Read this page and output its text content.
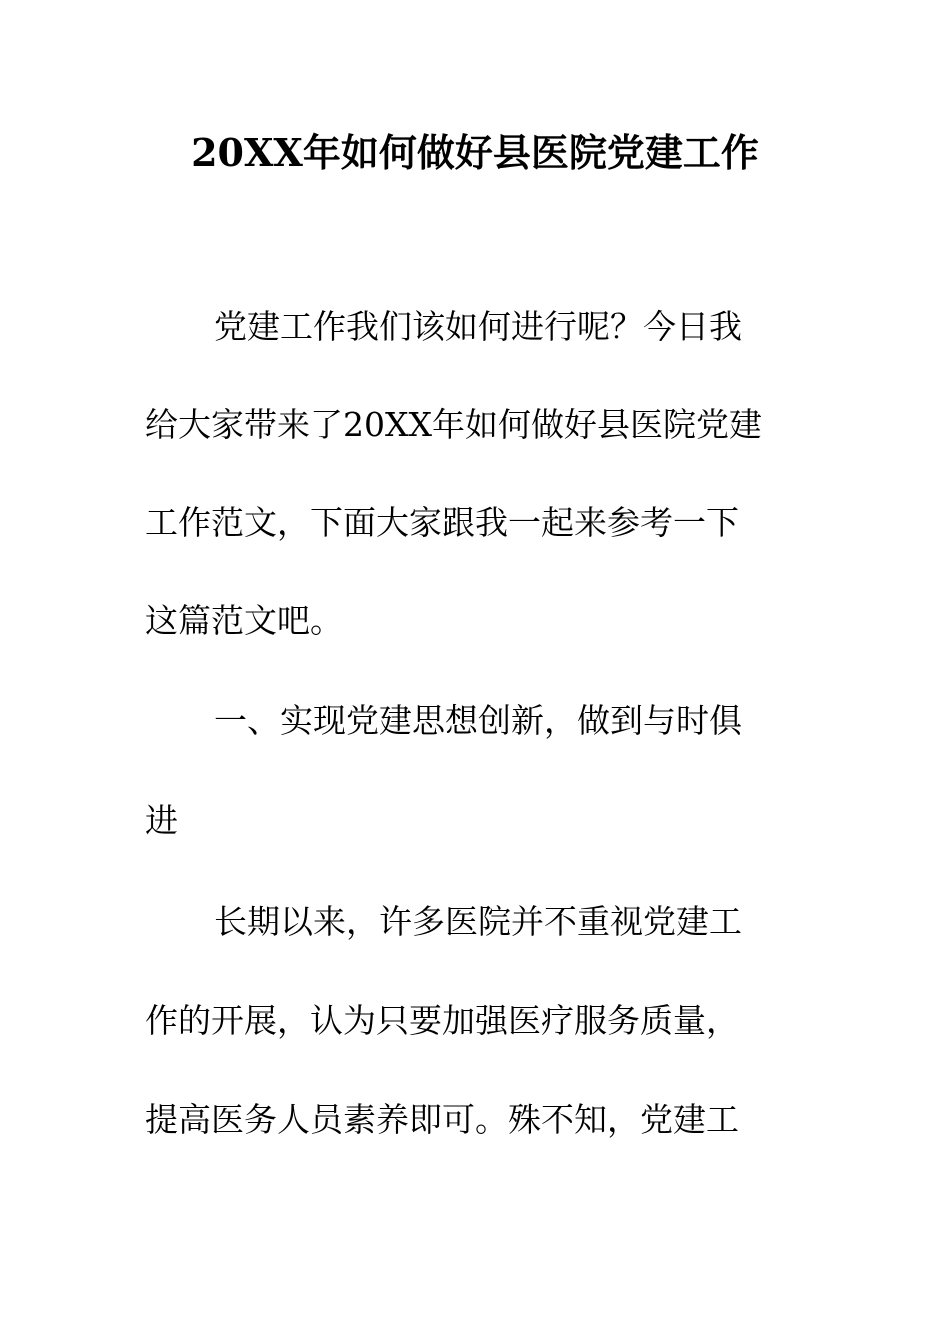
20XX年如何做好县医院党建工作
党建工作我们该如何进行呢？今日我
给大家带来了20XX年如何做好县医院党建
工作范文，下面大家跟我一起来参考一下
这篇范文吧。
一、实现党建思想创新，做到与时俱
进
长期以来，许多医院并不重视党建工
作的开展，认为只要加强医疗服务质量，
提高医务人员素养即可。殊不知，党建工
